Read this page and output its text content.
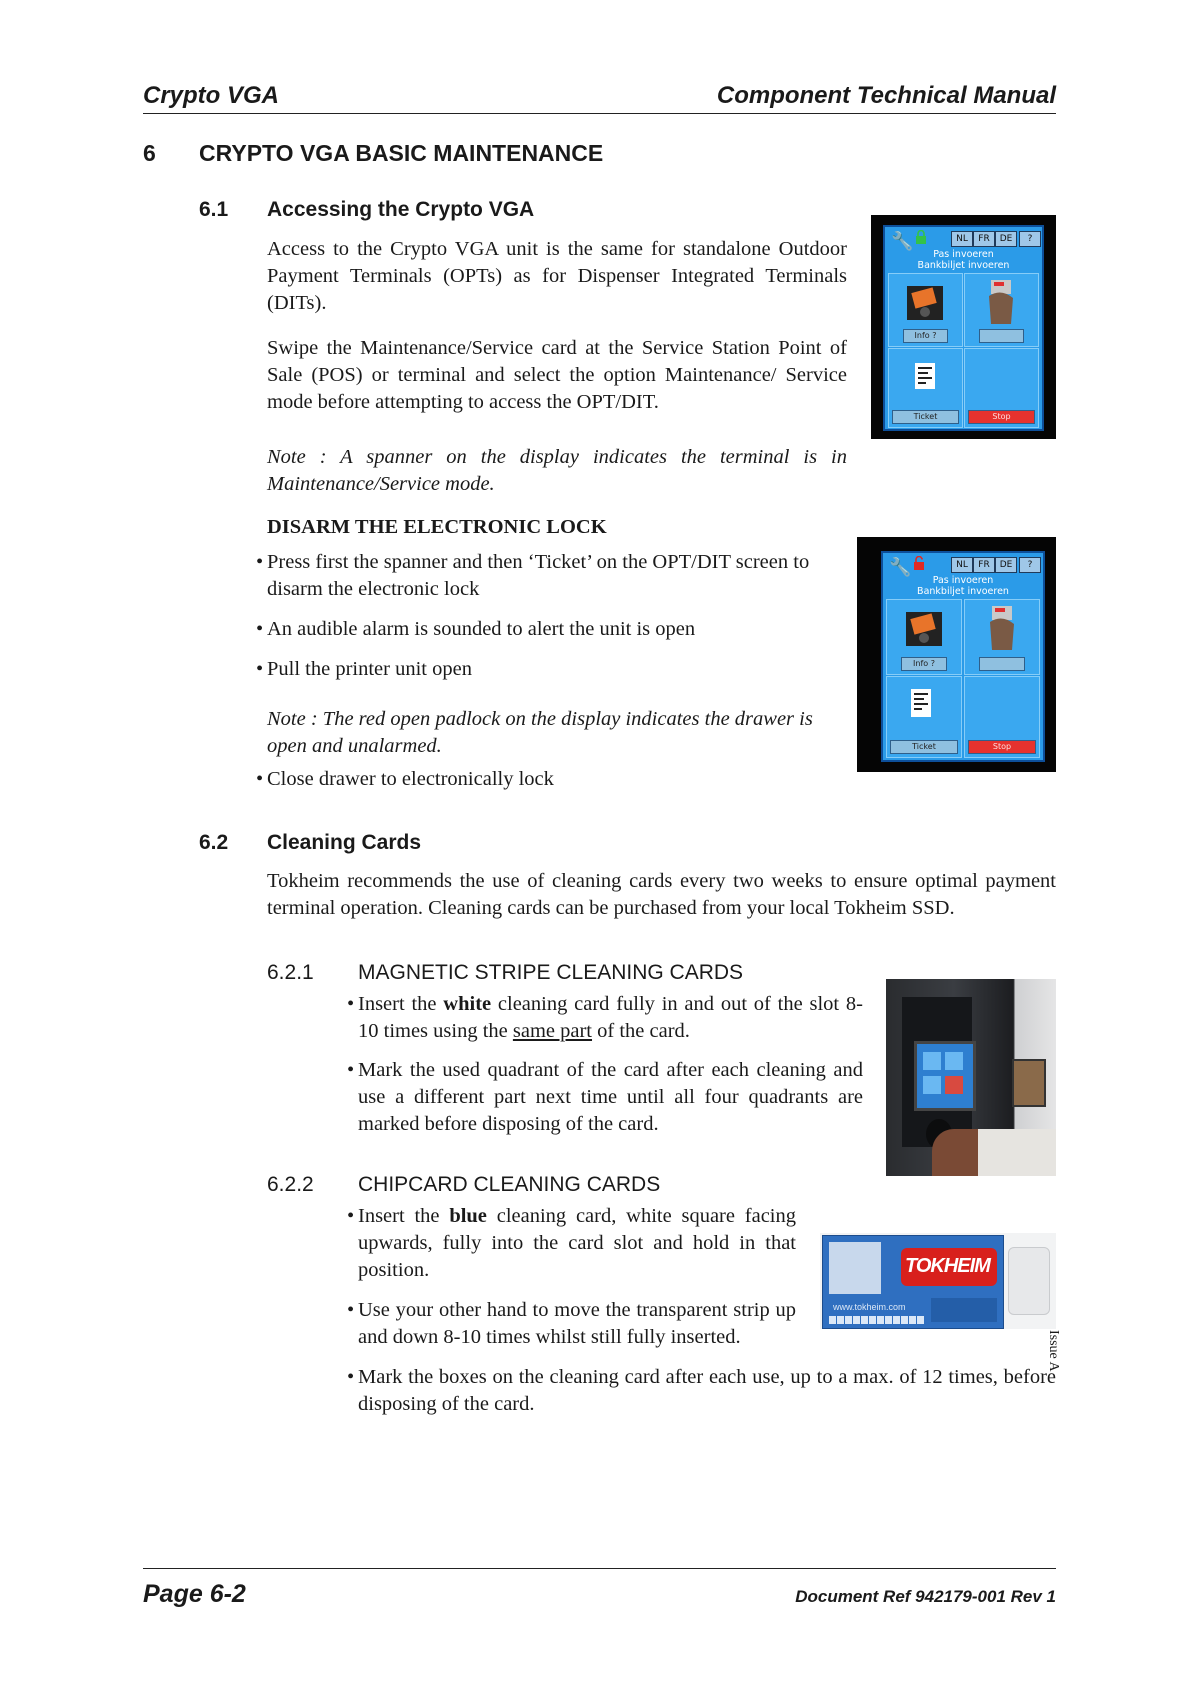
Crypto VGA	Component Technical Manual
6 CRYPTO VGA BASIC MAINTENANCE
6.1 Accessing the Crypto VGA
Access to the Crypto VGA unit is the same for standalone Outdoor Payment Terminals (OPTs) as for Dispenser Integrated Terminals (DITs).
Swipe the Maintenance/Service card at the Service Station Point of Sale (POS) or terminal and select the option Maintenance/ Service mode before attempting to access the OPT/DIT.
Note : A spanner on the display indicates the terminal is in Maintenance/Service mode.
DISARM THE ELECTRONIC LOCK
• Press first the spanner and then ‘Ticket’ on the OPT/DIT screen to disarm the electronic lock
• An audible alarm is sounded to alert the unit is open
• Pull the printer unit open
Note : The red open padlock on the display indicates the drawer is open and unalarmed.
• Close drawer to electronically lock
🔧	NL	FR	DE	?
Pas invoeren
Bankbiljet invoeren
Info ?
Ticket	Stop
🔧	NL	FR	DE	?
Pas invoeren
Bankbiljet invoeren
Info ?
Ticket	Stop
6.2 Cleaning Cards
Tokheim recommends the use of cleaning cards every two weeks to ensure optimal payment terminal operation. Cleaning cards can be purchased from your local Tokheim SSD.
6.2.1 MAGNETIC STRIPE CLEANING CARDS
• Insert the white cleaning card fully in and out of the slot 8-10 times using the same part of the card.
• Mark the used quadrant of the card after each cleaning and use a different part next time until all four quadrants are marked before disposing of the card.
6.2.2 CHIPCARD CLEANING CARDS
• Insert the blue cleaning card, white square facing upwards, fully into the card slot and hold in that position.
• Use your other hand to move the transparent strip up and down 8-10 times whilst still fully inserted.
• Mark the boxes on the cleaning card after each use, up to a max. of 12 times, before disposing of the card.
TOKHEIM
www.tokheim.com
Issue A
Page 6-2	Document Ref 942179-001 Rev 1
